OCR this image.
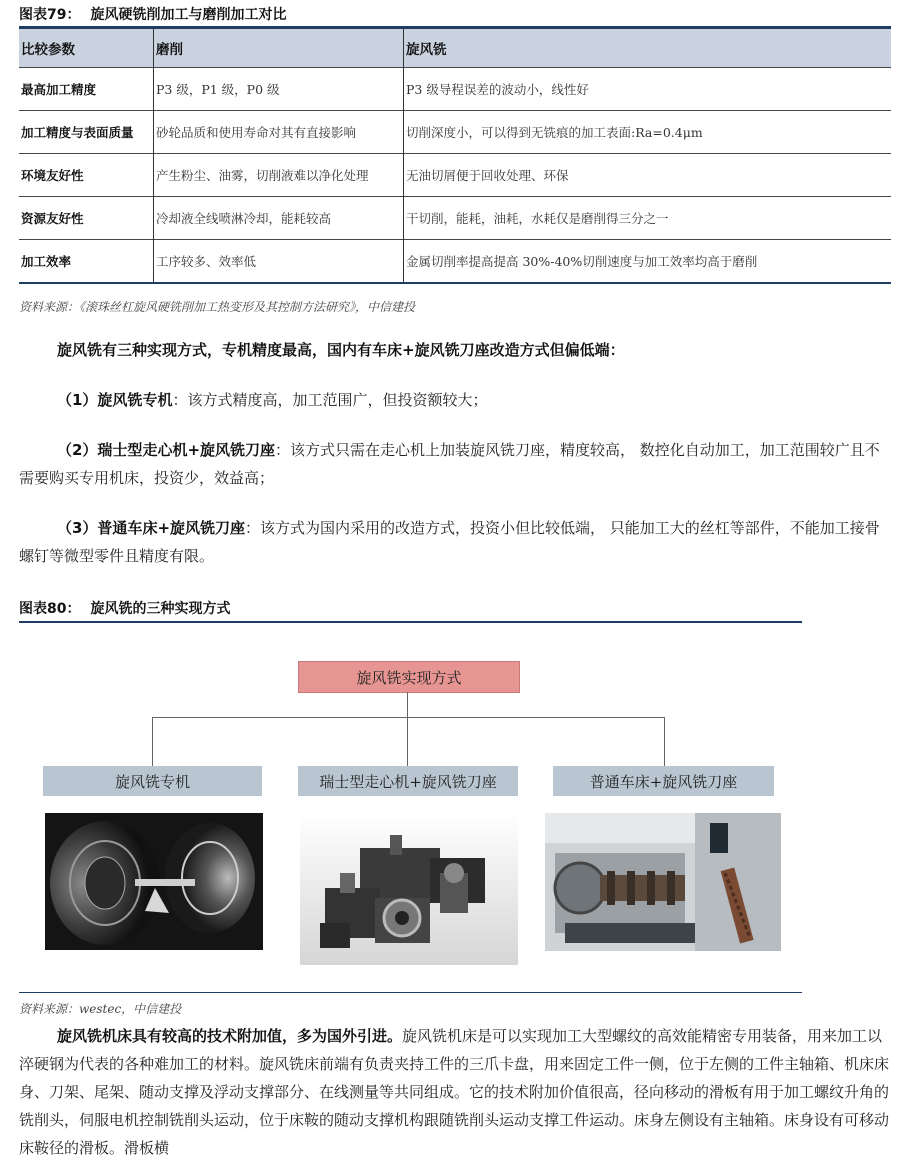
图表79： 旋风硬铣削加工与磨削加工对比
比较参数	磨削	旋风铣
最高加工精度	P3 级，P1 级，P0 级	P3 级导程误差的波动小，线性好
加工精度与表面质量	砂轮品质和使用寿命对其有直接影响	切削深度小，可以得到无铣痕的加工表面:Ra=0.4μm
环境友好性	产生粉尘、油雾，切削液难以净化处理	无油切屑便于回收处理、环保
资源友好性	冷却液全线喷淋冷却，能耗较高	干切削，能耗，油耗，水耗仅是磨削得三分之一
加工效率	工序较多、效率低	金属切削率提高提高 30%-40%切削速度与加工效率均高于磨削
资料来源：《滚珠丝杠旋风硬铣削加工热变形及其控制方法研究》，中信建投
旋风铣有三种实现方式，专机精度最高，国内有车床+旋风铣刀座改造方式但偏低端：
（1）旋风铣专机：该方式精度高，加工范围广，但投资额较大；
（2）瑞士型走心机+旋风铣刀座：该方式只需在走心机上加装旋风铣刀座，精度较高， 数控化自动加工，加工范围较广且不需要购买专用机床，投资少，效益高；
（3）普通车床+旋风铣刀座：该方式为国内采用的改造方式，投资小但比较低端， 只能加工大的丝杠等部件，不能加工接骨螺钉等微型零件且精度有限。
图表80： 旋风铣的三种实现方式
旋风铣实现方式
旋风铣专机	瑞士型走心机+旋风铣刀座	普通车床+旋风铣刀座
资料来源：westec，中信建投
旋风铣机床具有较高的技术附加值，多为国外引进。旋风铣机床是可以实现加工大型螺纹的高效能精密专用装备，用来加工以淬硬钢为代表的各种难加工的材料。旋风铣床前端有负责夹持工件的三爪卡盘，用来固定工件一侧，位于左侧的工件主轴箱、机床床身、刀架、尾架、随动支撑及浮动支撑部分、在线测量等共同组成。它的技术附加价值很高，径向移动的滑板有用于加工螺纹升角的铣削头，伺服电机控制铣削头运动，位于床鞍的随动支撑机构跟随铣削头运动支撑工件运动。床身左侧设有主轴箱。床身设有可移动床鞍径的滑板。滑板横
